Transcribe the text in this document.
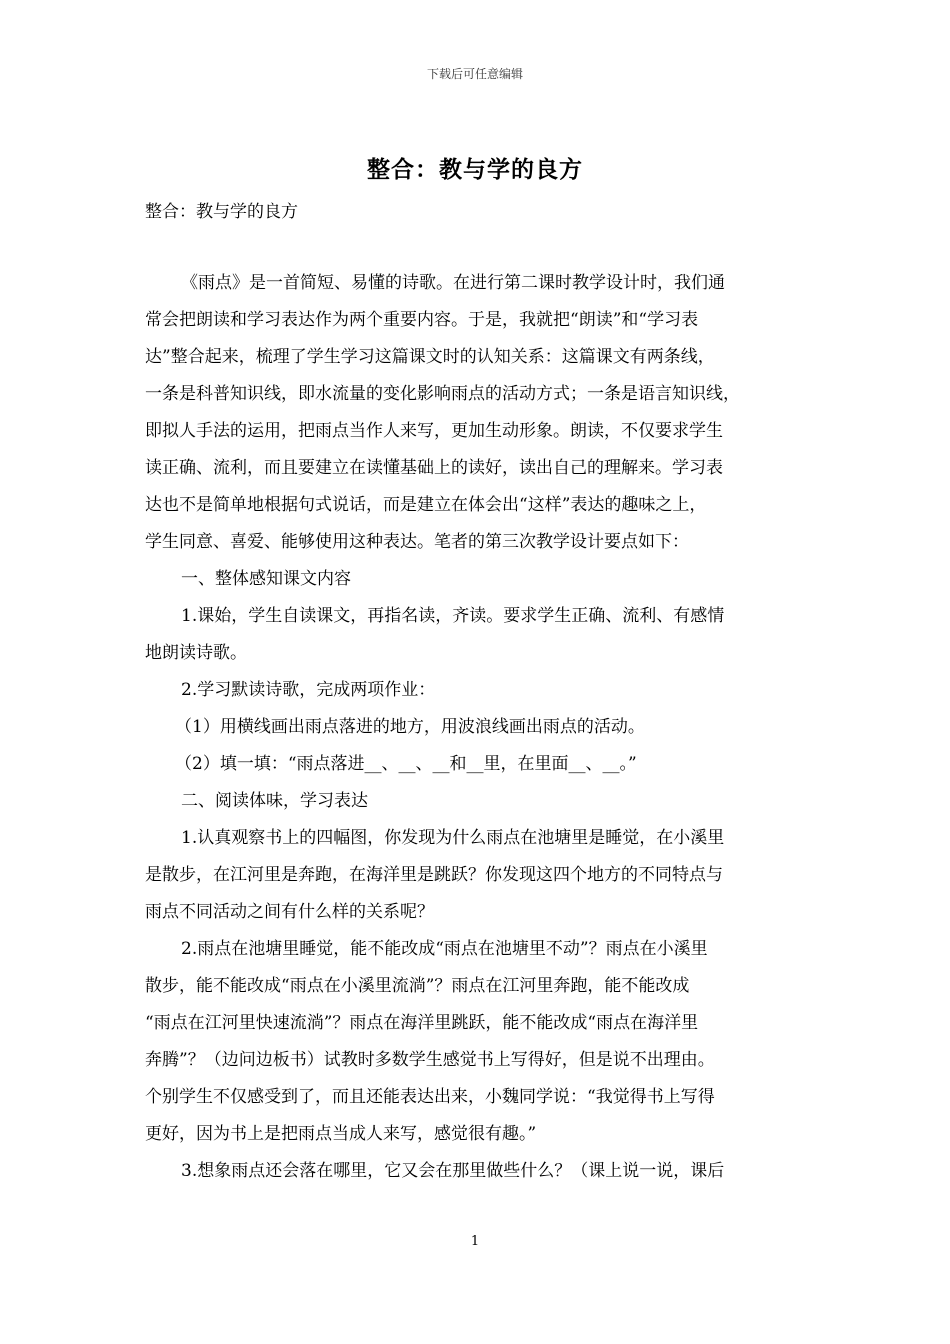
下载后可任意编辑
整合：教与学的良方
整合：教与学的良方
《雨点》是一首简短、易懂的诗歌。在进行第二课时教学设计时，我们通
常会把朗读和学习表达作为两个重要内容。于是，我就把“朗读”和“学习表
达”整合起来，梳理了学生学习这篇课文时的认知关系：这篇课文有两条线，
一条是科普知识线，即水流量的变化影响雨点的活动方式；一条是语言知识线，
即拟人手法的运用，把雨点当作人来写，更加生动形象。朗读，不仅要求学生
读正确、流利，而且要建立在读懂基础上的读好，读出自己的理解来。学习表
达也不是简单地根据句式说话，而是建立在体会出“这样”表达的趣味之上，
学生同意、喜爱、能够使用这种表达。笔者的第三次教学设计要点如下：
一、整体感知课文内容
1.课始，学生自读课文，再指名读，齐读。要求学生正确、流利、有感情
地朗读诗歌。
2.学习默读诗歌，完成两项作业：
（1）用横线画出雨点落进的地方，用波浪线画出雨点的活动。
（2）填一填：“雨点落进__、__、__和__里，在里面__、__。”
二、阅读体味，学习表达
1.认真观察书上的四幅图，你发现为什么雨点在池塘里是睡觉，在小溪里
是散步，在江河里是奔跑，在海洋里是跳跃？你发现这四个地方的不同特点与
雨点不同活动之间有什么样的关系呢？
2.雨点在池塘里睡觉，能不能改成“雨点在池塘里不动”？雨点在小溪里
散步，能不能改成“雨点在小溪里流淌”？雨点在江河里奔跑，能不能改成
“雨点在江河里快速流淌”？雨点在海洋里跳跃，能不能改成“雨点在海洋里
奔腾”？（边问边板书）试教时多数学生感觉书上写得好，但是说不出理由。
个别学生不仅感受到了，而且还能表达出来，小魏同学说：“我觉得书上写得
更好，因为书上是把雨点当成人来写，感觉很有趣。”
3.想象雨点还会落在哪里，它又会在那里做些什么？（课上说一说，课后
1
